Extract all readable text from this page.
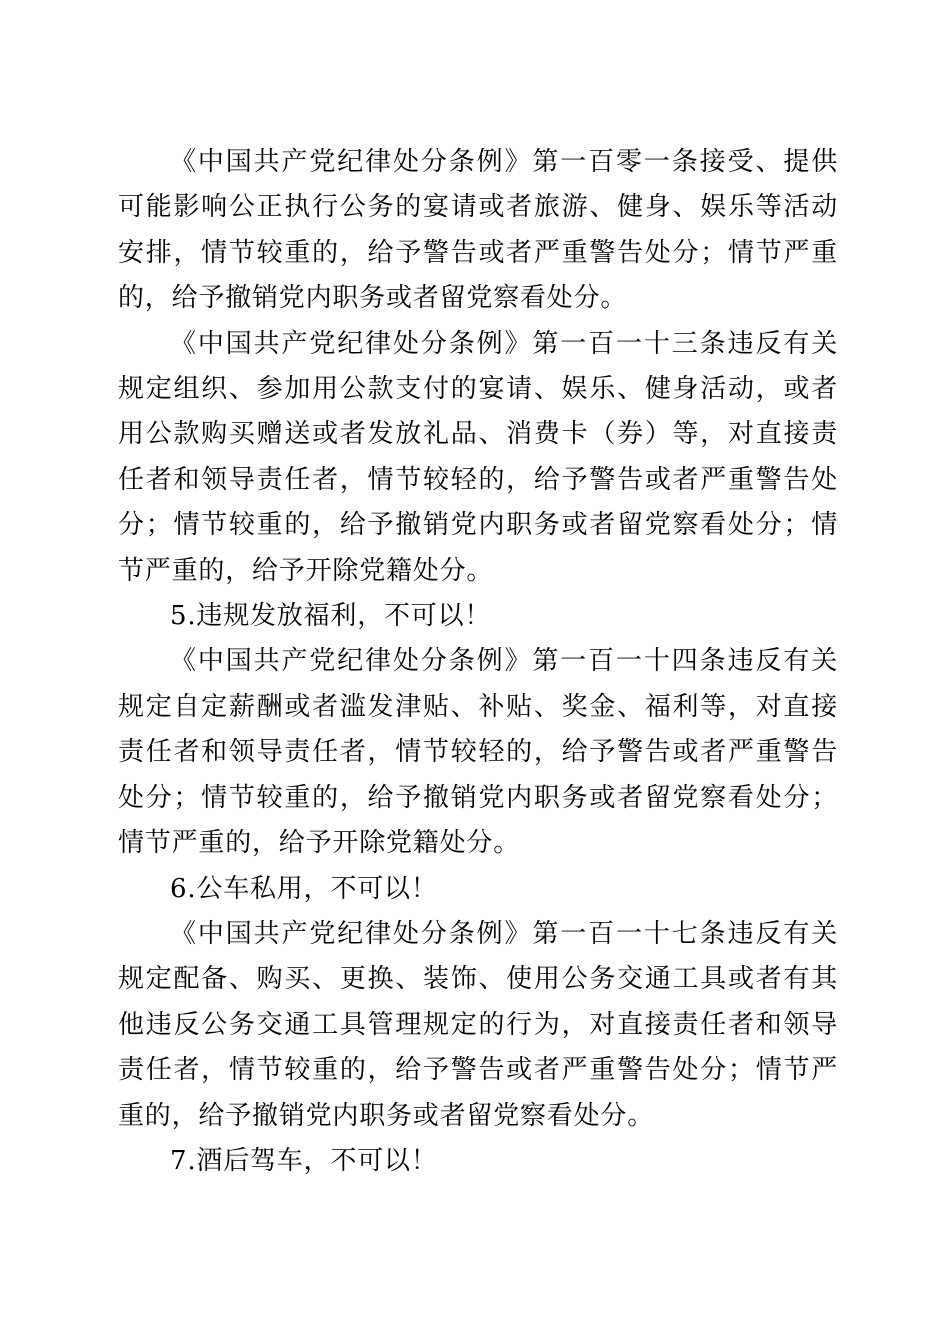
《中国共产党纪律处分条例》第一百零一条接受、提供可能影响公正执行公务的宴请或者旅游、健身、娱乐等活动安排，情节较重的，给予警告或者严重警告处分；情节严重的，给予撤销党内职务或者留党察看处分。

《中国共产党纪律处分条例》第一百一十三条违反有关规定组织、参加用公款支付的宴请、娱乐、健身活动，或者用公款购买赠送或者发放礼品、消费卡（券）等，对直接责任者和领导责任者，情节较轻的，给予警告或者严重警告处分；情节较重的，给予撤销党内职务或者留党察看处分；情节严重的，给予开除党籍处分。

5.违规发放福利，不可以！

《中国共产党纪律处分条例》第一百一十四条违反有关规定自定薪酬或者滥发津贴、补贴、奖金、福利等，对直接责任者和领导责任者，情节较轻的，给予警告或者严重警告处分；情节较重的，给予撤销党内职务或者留党察看处分；情节严重的，给予开除党籍处分。

6.公车私用，不可以！

《中国共产党纪律处分条例》第一百一十七条违反有关规定配备、购买、更换、装饰、使用公务交通工具或者有其他违反公务交通工具管理规定的行为，对直接责任者和领导责任者，情节较重的，给予警告或者严重警告处分；情节严重的，给予撤销党内职务或者留党察看处分。

7.酒后驾车，不可以！
